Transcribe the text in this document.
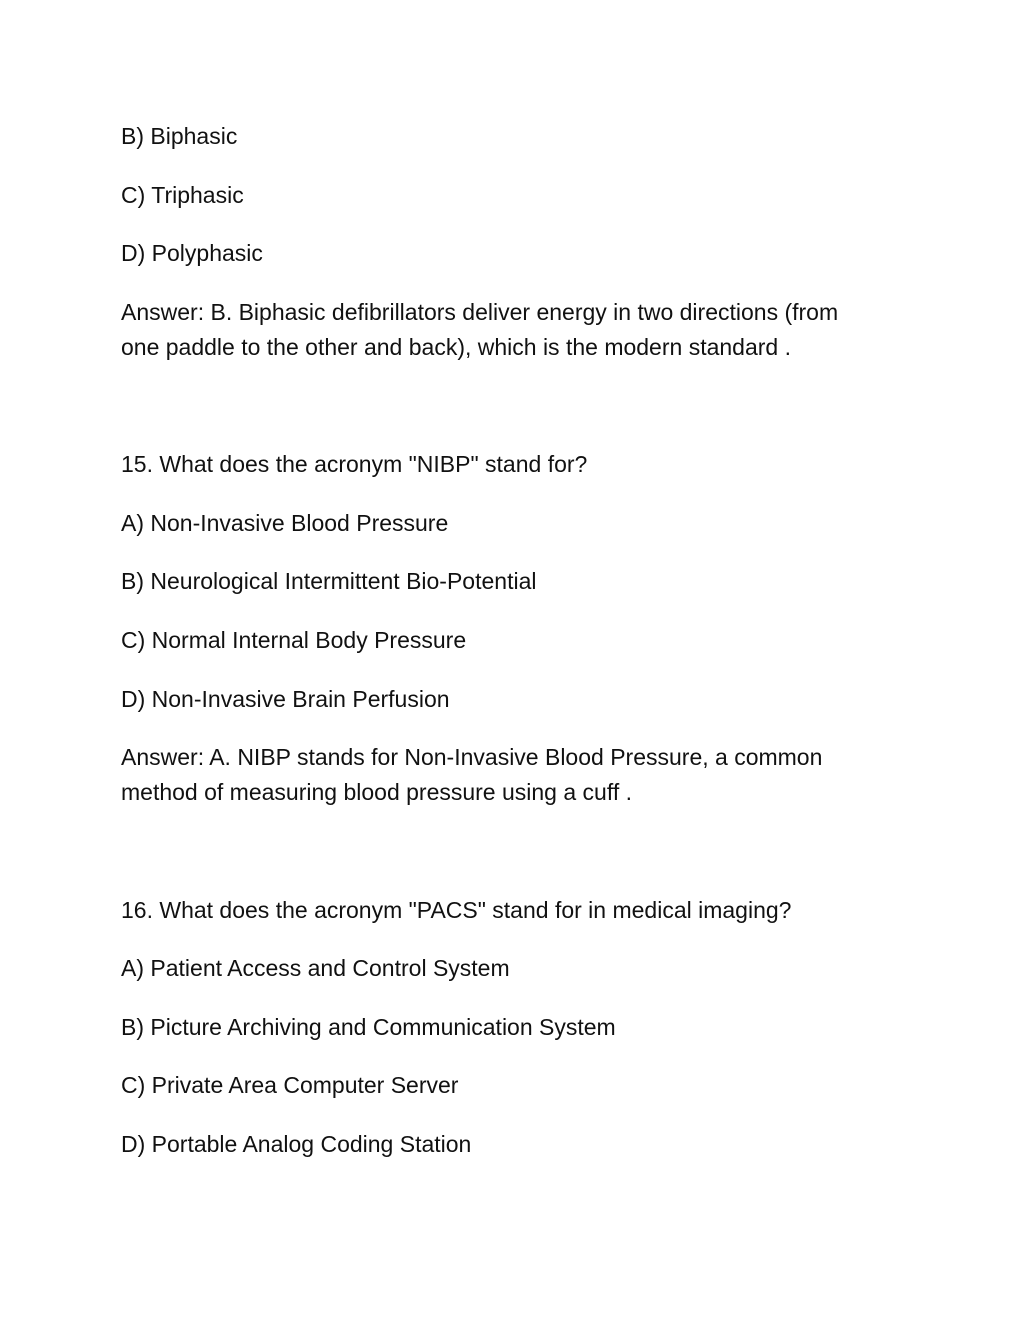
B) Biphasic

C) Triphasic

D) Polyphasic

Answer: B. Biphasic defibrillators deliver energy in two directions (from
one paddle to the other and back), which is the modern standard .

15. What does the acronym "NIBP" stand for?

A) Non-Invasive Blood Pressure

B) Neurological Intermittent Bio-Potential

C) Normal Internal Body Pressure

D) Non-Invasive Brain Perfusion

Answer: A. NIBP stands for Non-Invasive Blood Pressure, a common
method of measuring blood pressure using a cuff .

16. What does the acronym "PACS" stand for in medical imaging?

A) Patient Access and Control System

B) Picture Archiving and Communication System

C) Private Area Computer Server

D) Portable Analog Coding Station
